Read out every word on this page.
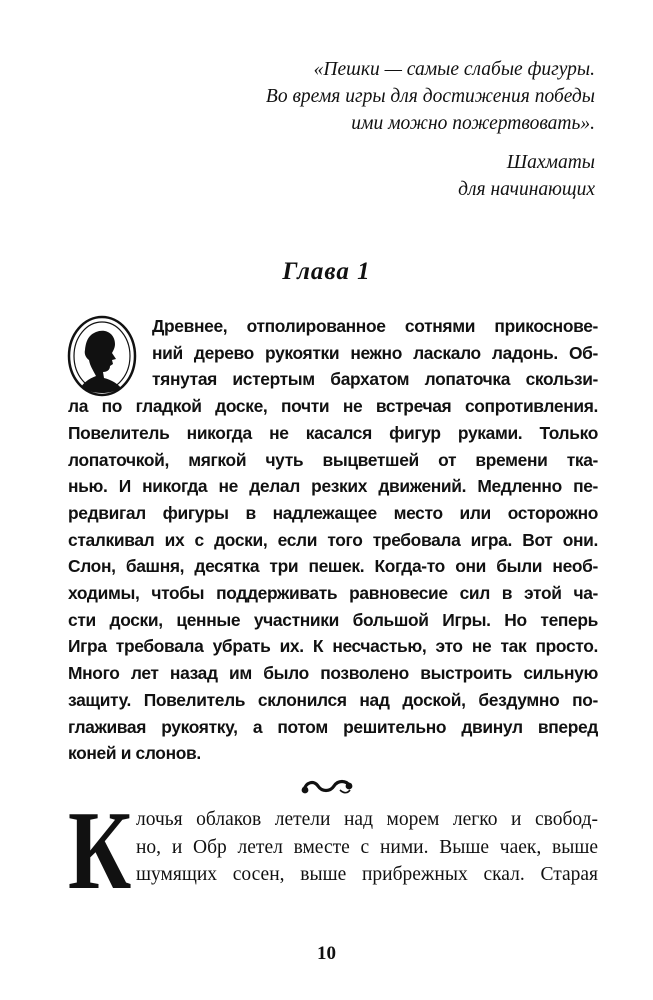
«Пешки — самые слабые фигуры.
Во время игры для достижения победы
ими можно пожертвовать».
Шахматы
для начинающих
Глава 1
Древнее, отполированное сотнями прикоснове-
ний дерево рукоятки нежно ласкало ладонь. Об-
тянутая истертым бархатом лопаточка скользи-
ла по гладкой доске, почти не встречая сопротивления.
Повелитель никогда не касался фигур руками. Только
лопаточкой, мягкой чуть выцветшей от времени тка-
нью. И никогда не делал резких движений. Медленно пе-
редвигал фигуры в надлежащее место или осторожно
сталкивал их с доски, если того требовала игра. Вот они.
Слон, башня, десятка три пешек. Когда-то они были необ-
ходимы, чтобы поддерживать равновесие сил в этой ча-
сти доски, ценные участники большой Игры. Но теперь
Игра требовала убрать их. К несчастью, это не так просто.
Много лет назад им было позволено выстроить сильную
защиту. Повелитель склонился над доской, бездумно по-
глаживая рукоятку, а потом решительно двинул вперед
коней и слонов.
К лочья облаков летели над морем легко и свобод-
но, и Обр летел вместе с ними. Выше чаек, выше
шумящих сосен, выше прибрежных скал. Старая
10
